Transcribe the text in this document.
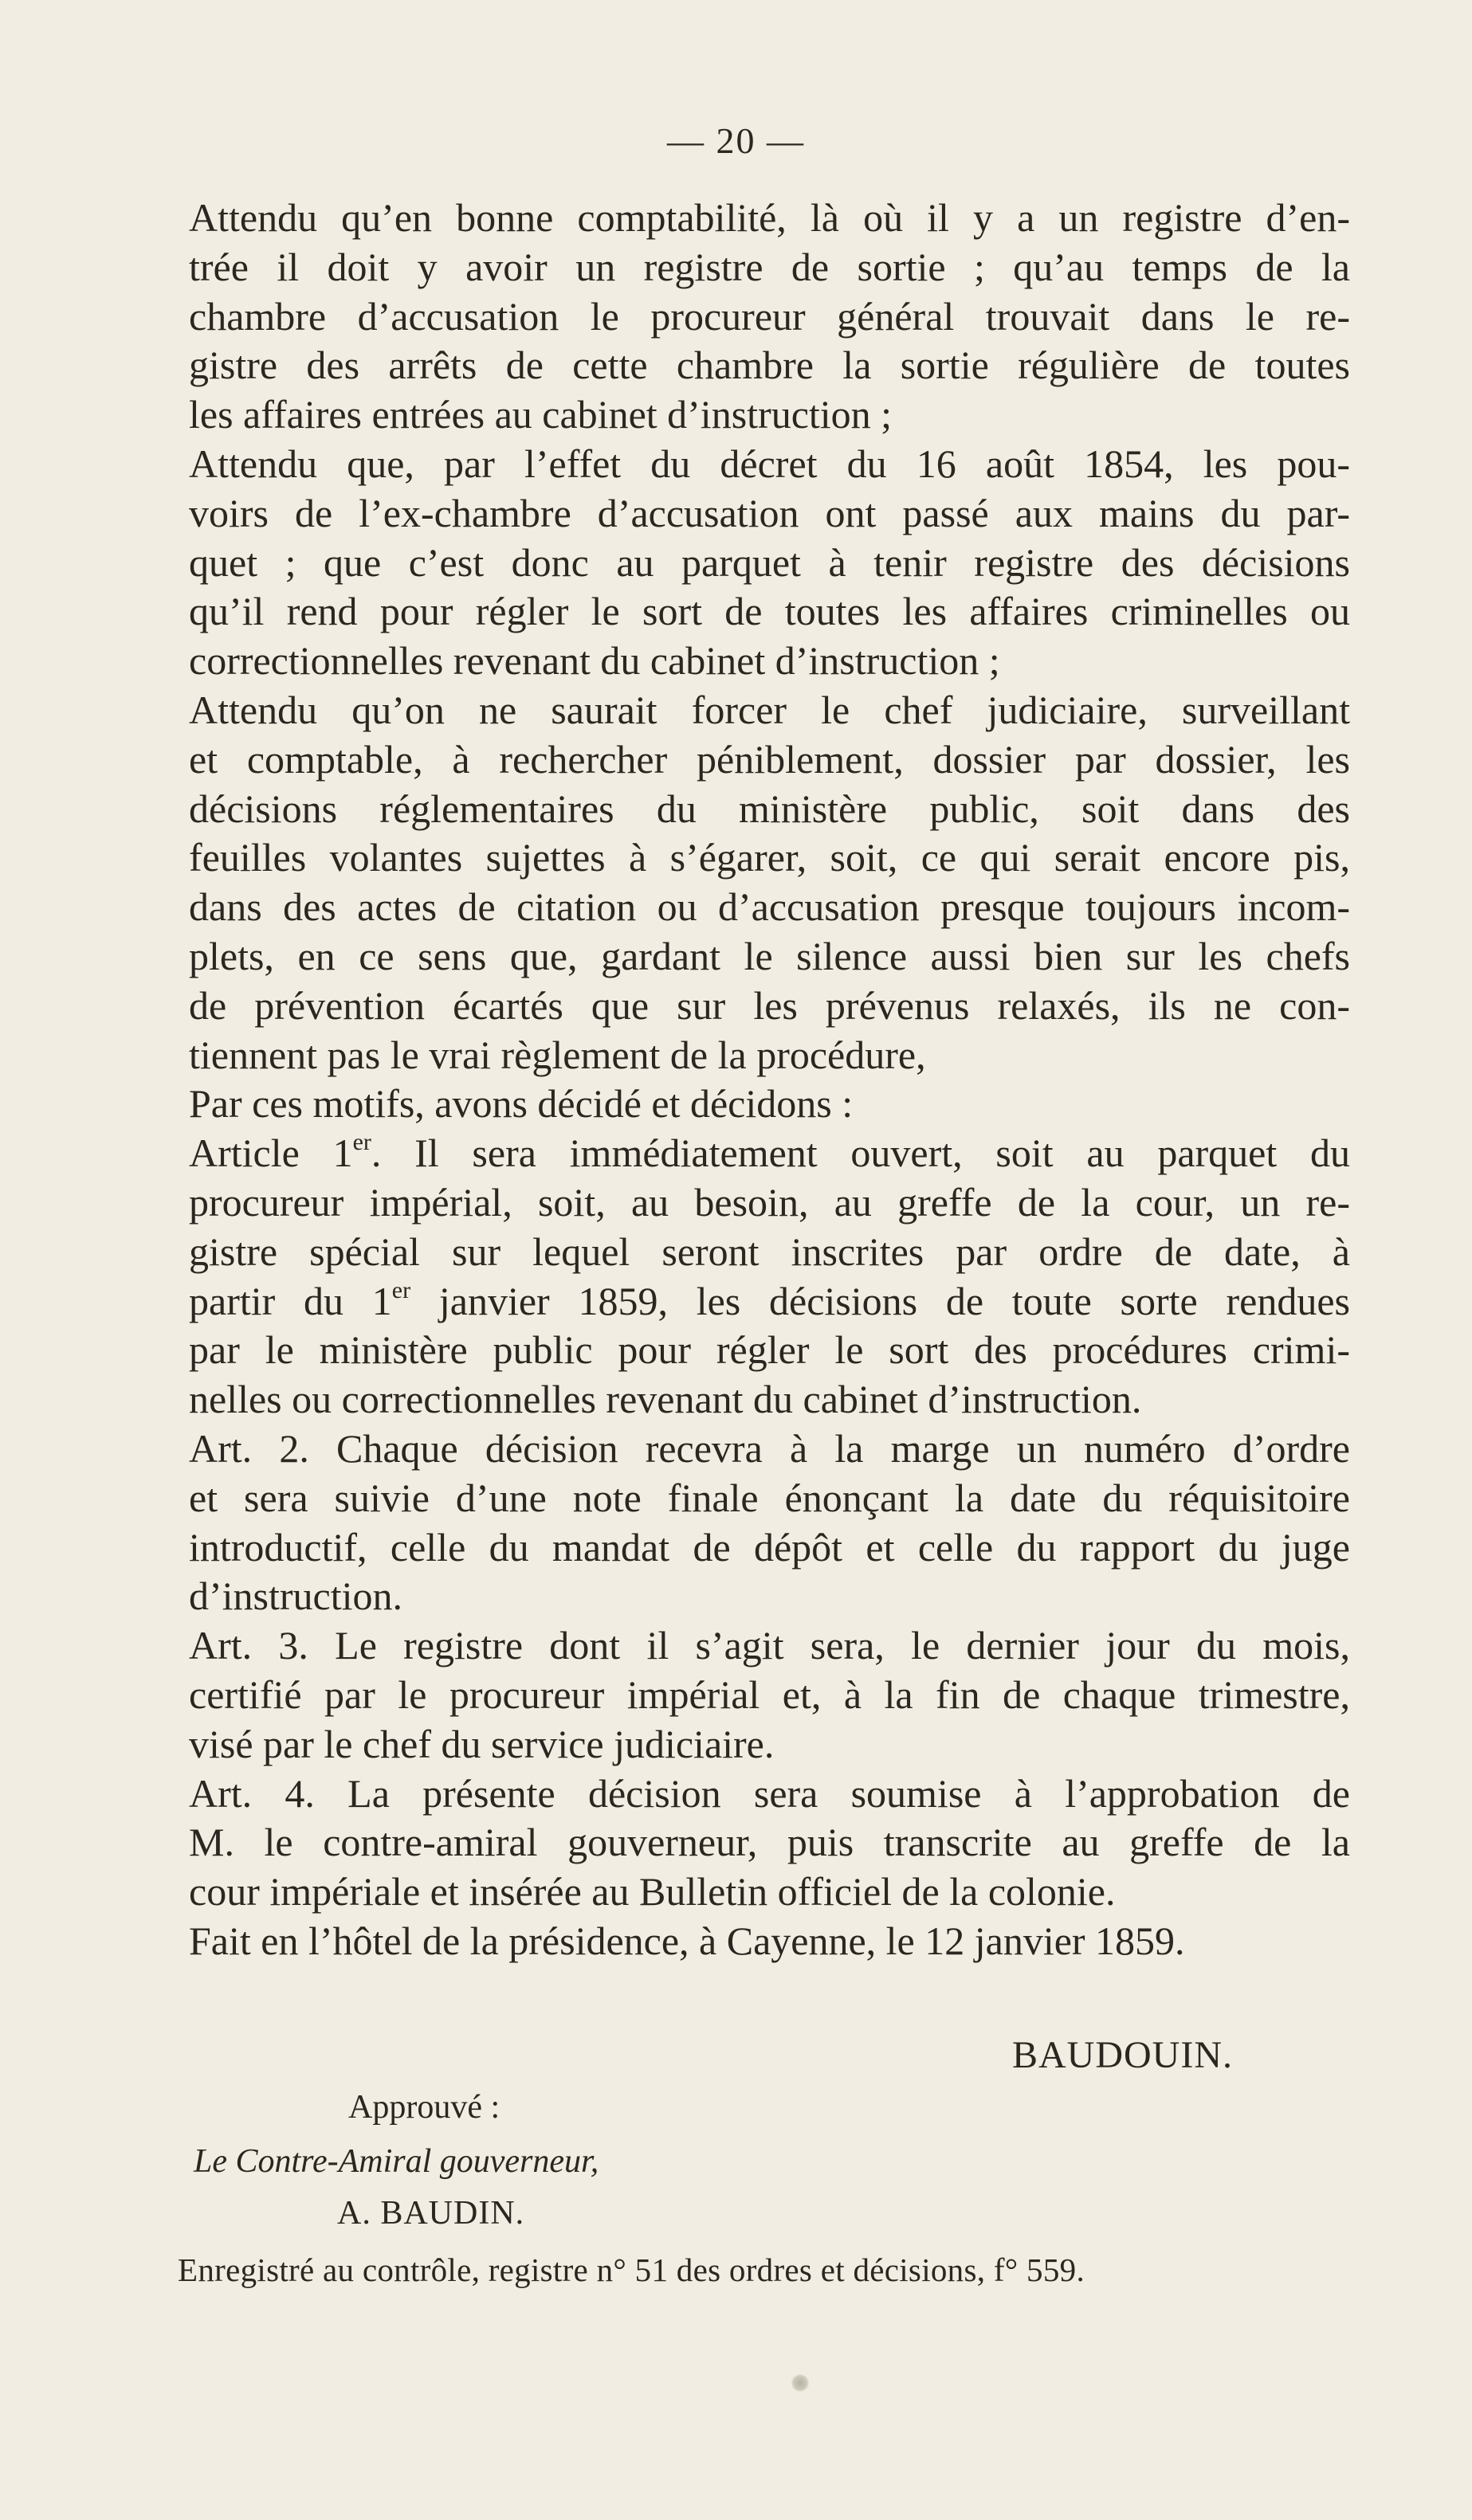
— 20 —
Attendu qu’en bonne comptabilité, là où il y a un registre d’en-
trée il doit y avoir un registre de sortie ; qu’au temps de la
chambre d’accusation le procureur général trouvait dans le re-
gistre des arrêts de cette chambre la sortie régulière de toutes
les affaires entrées au cabinet d’instruction ;
Attendu que, par l’effet du décret du 16 août 1854, les pou-
voirs de l’ex-chambre d’accusation ont passé aux mains du par-
quet ; que c’est donc au parquet à tenir registre des décisions
qu’il rend pour régler le sort de toutes les affaires criminelles ou
correctionnelles revenant du cabinet d’instruction ;
Attendu qu’on ne saurait forcer le chef judiciaire, surveillant
et comptable, à rechercher péniblement, dossier par dossier, les
décisions réglementaires du ministère public, soit dans des
feuilles volantes sujettes à s’égarer, soit, ce qui serait encore pis,
dans des actes de citation ou d’accusation presque toujours incom-
plets, en ce sens que, gardant le silence aussi bien sur les chefs
de prévention écartés que sur les prévenus relaxés, ils ne con-
tiennent pas le vrai règlement de la procédure,
Par ces motifs, avons décidé et décidons :
Article 1er. Il sera immédiatement ouvert, soit au parquet du
procureur impérial, soit, au besoin, au greffe de la cour, un re-
gistre spécial sur lequel seront inscrites par ordre de date, à
partir du 1er janvier 1859, les décisions de toute sorte rendues
par le ministère public pour régler le sort des procédures crimi-
nelles ou correctionnelles revenant du cabinet d’instruction.
Art. 2. Chaque décision recevra à la marge un numéro d’ordre
et sera suivie d’une note finale énonçant la date du réquisitoire
introductif, celle du mandat de dépôt et celle du rapport du juge
d’instruction.
Art. 3. Le registre dont il s’agit sera, le dernier jour du mois,
certifié par le procureur impérial et, à la fin de chaque trimestre,
visé par le chef du service judiciaire.
Art. 4. La présente décision sera soumise à l’approbation de
M. le contre-amiral gouverneur, puis transcrite au greffe de la
cour impériale et insérée au Bulletin officiel de la colonie.
Fait en l’hôtel de la présidence, à Cayenne, le 12 janvier 1859.
BAUDOUIN.
Approuvé :
Le Contre-Amiral gouverneur,
A. BAUDIN.
Enregistré au contrôle, registre n° 51 des ordres et décisions, f° 559.
